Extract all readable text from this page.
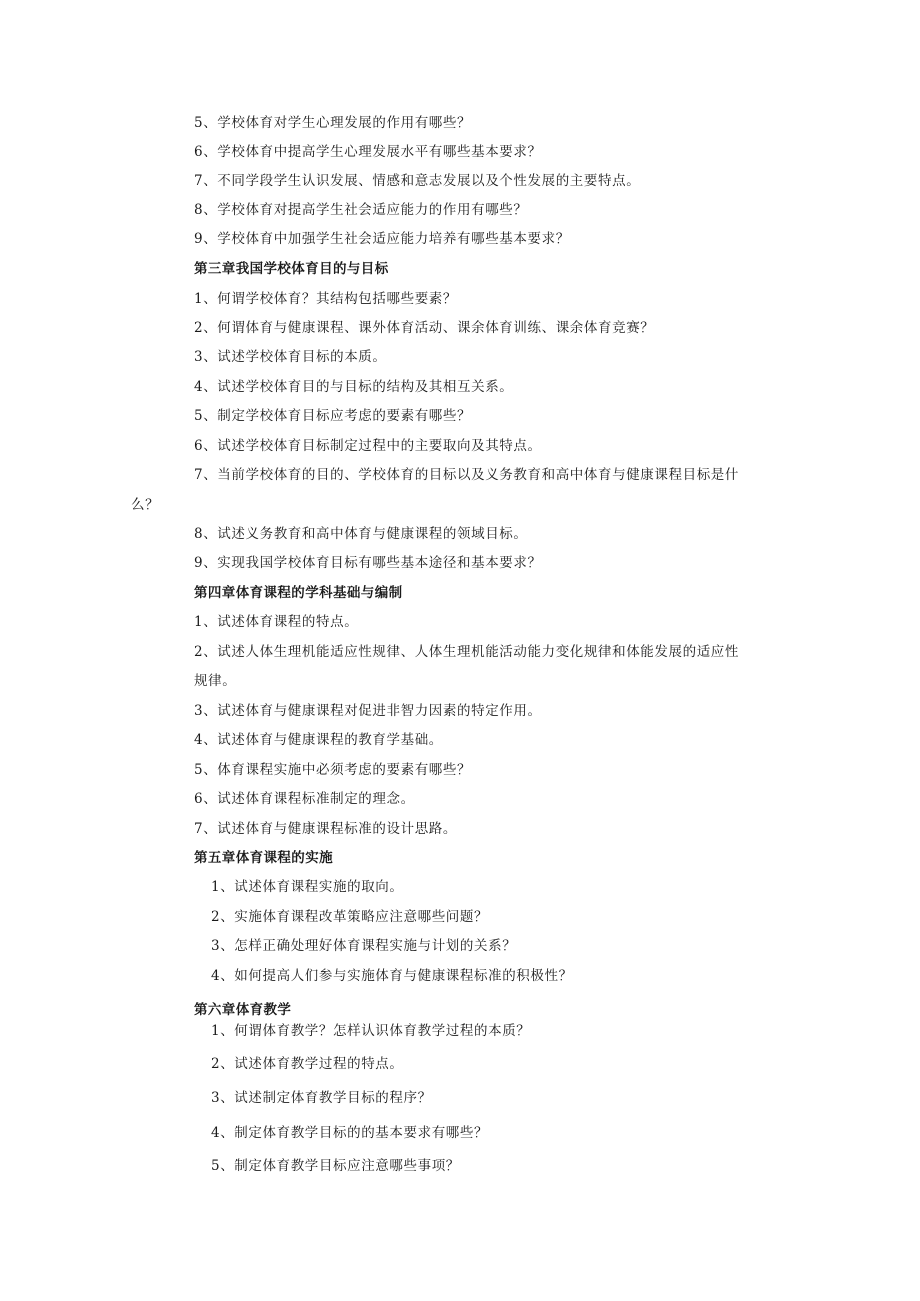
5、学校体育对学生心理发展的作用有哪些？
6、学校体育中提高学生心理发展水平有哪些基本要求？
7、不同学段学生认识发展、情感和意志发展以及个性发展的主要特点。
8、学校体育对提高学生社会适应能力的作用有哪些？
9、学校体育中加强学生社会适应能力培养有哪些基本要求？
第三章我国学校体育目的与目标
1、何谓学校体育？其结构包括哪些要素？
2、何谓体育与健康课程、课外体育活动、课余体育训练、课余体育竞赛？
3、试述学校体育目标的本质。
4、试述学校体育目的与目标的结构及其相互关系。
5、制定学校体育目标应考虑的要素有哪些？
6、试述学校体育目标制定过程中的主要取向及其特点。
7、当前学校体育的目的、学校体育的目标以及义务教育和高中体育与健康课程目标是什
么？
8、试述义务教育和高中体育与健康课程的领域目标。
9、实现我国学校体育目标有哪些基本途径和基本要求？
第四章体育课程的学科基础与编制
1、试述体育课程的特点。
2、试述人体生理机能适应性规律、人体生理机能活动能力变化规律和体能发展的适应性
规律。
3、试述体育与健康课程对促进非智力因素的特定作用。
4、试述体育与健康课程的教育学基础。
5、体育课程实施中必须考虑的要素有哪些？
6、试述体育课程标准制定的理念。
7、试述体育与健康课程标准的设计思路。
第五章体育课程的实施
1、试述体育课程实施的取向。
2、实施体育课程改革策略应注意哪些问题？
3、怎样正确处理好体育课程实施与计划的关系？
4、如何提高人们参与实施体育与健康课程标准的积极性？
第六章体育教学
1、何谓体育教学？怎样认识体育教学过程的本质？
2、试述体育教学过程的特点。
3、试述制定体育教学目标的程序？
4、制定体育教学目标的的基本要求有哪些？
5、制定体育教学目标应注意哪些事项？
